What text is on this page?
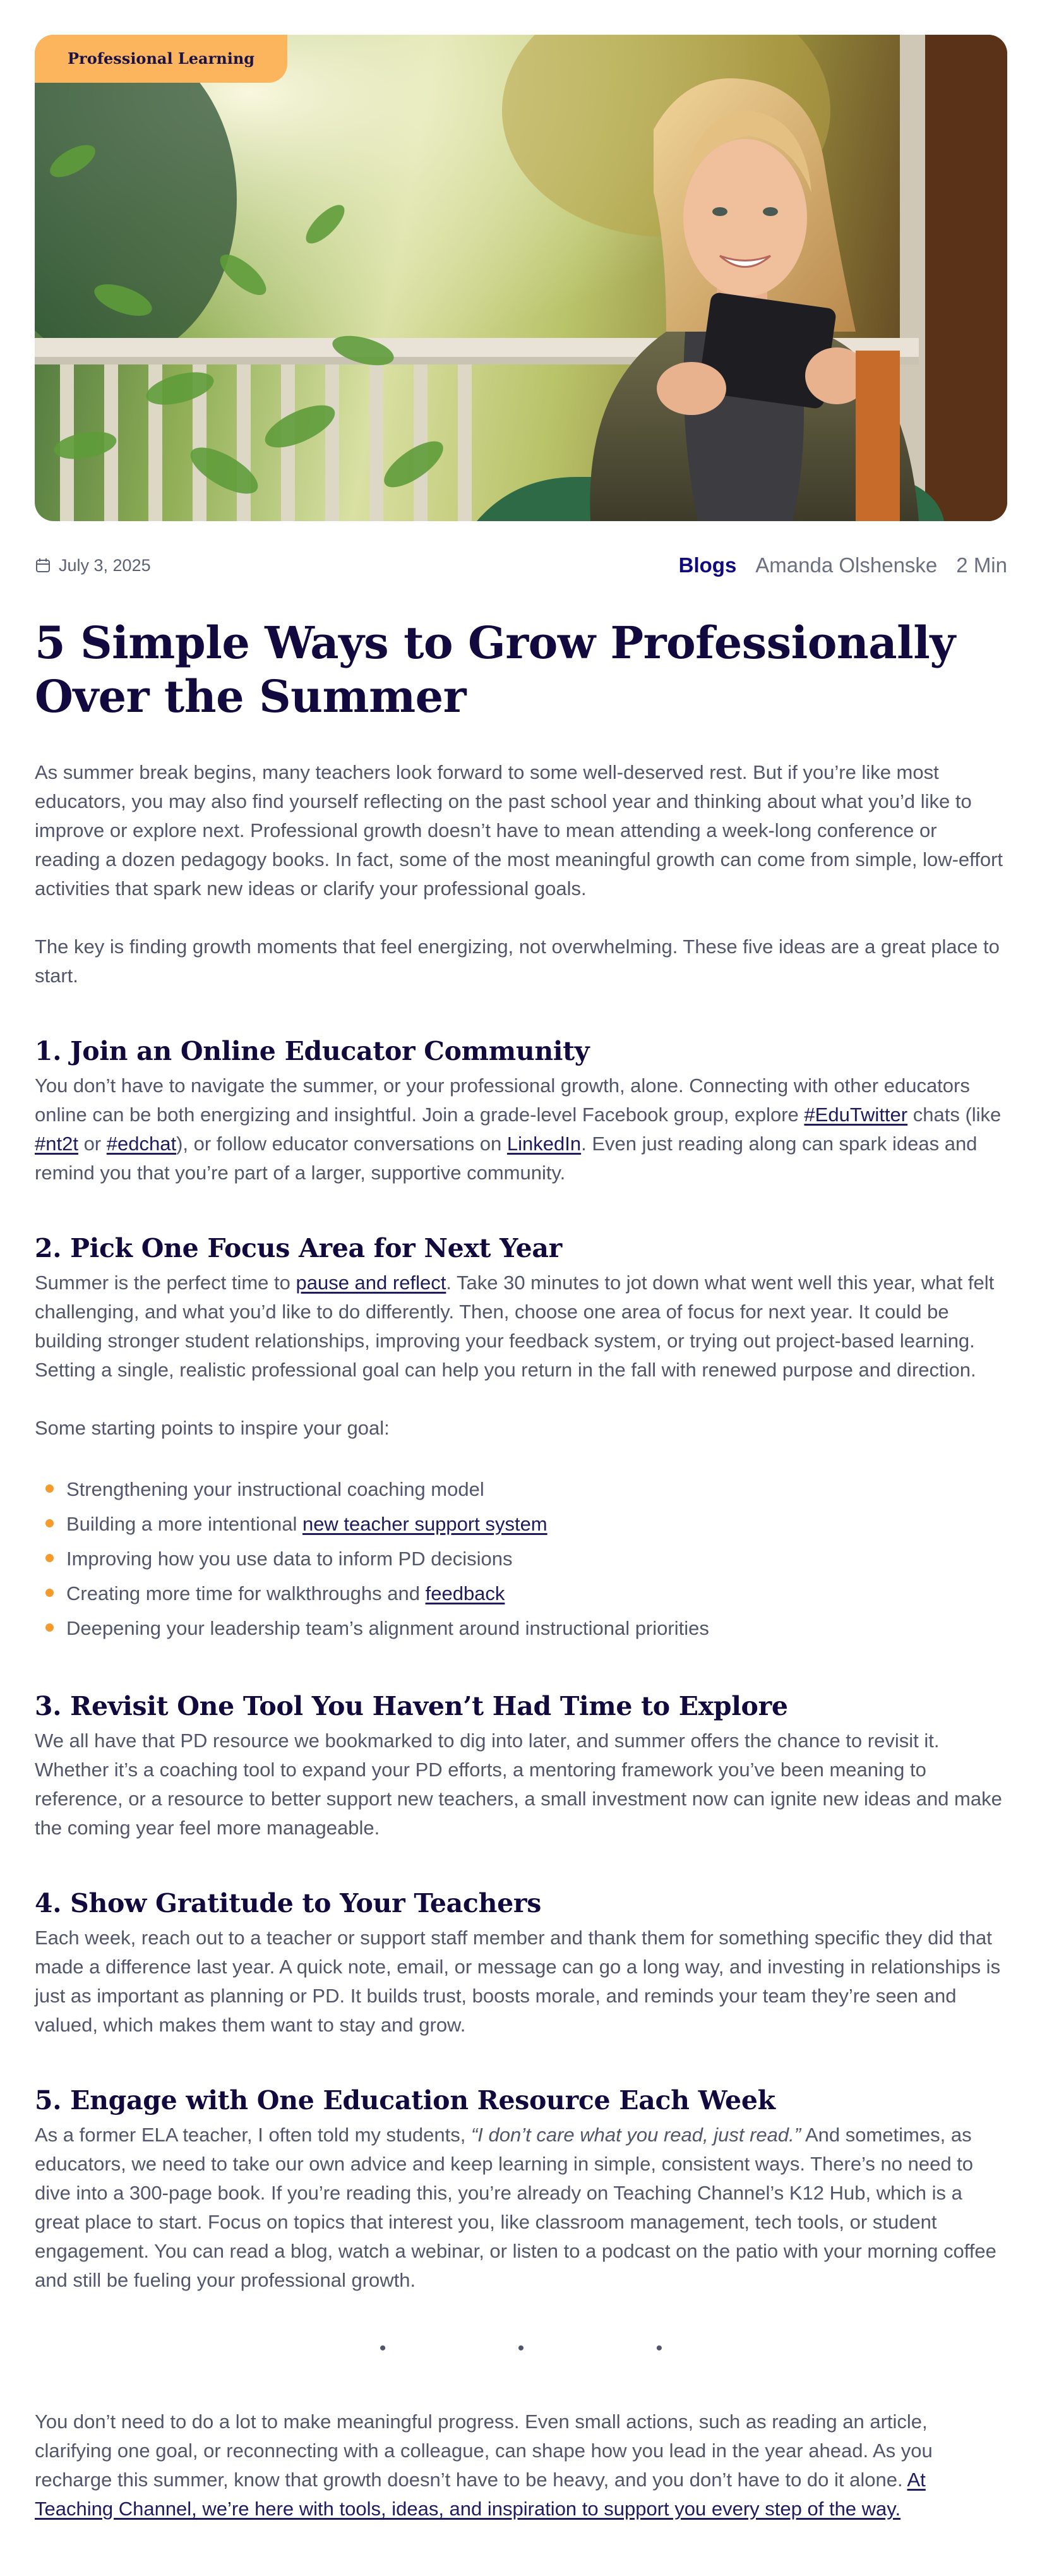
Professional Learning
July 3, 2025	Blogs Amanda Olshenske 2 Min
5 Simple Ways to Grow Professionally Over the Summer

As summer break begins, many teachers look forward to some well-deserved rest. But if you’re like most educators, you may also find yourself reflecting on the past school year and thinking about what you’d like to improve or explore next. Professional growth doesn’t have to mean attending a week-long conference or reading a dozen pedagogy books. In fact, some of the most meaningful growth can come from simple, low-effort activities that spark new ideas or clarify your professional goals.

The key is finding growth moments that feel energizing, not overwhelming. These five ideas are a great place to start.

1. Join an Online Educator Community

You don’t have to navigate the summer, or your professional growth, alone. Connecting with other educators online can be both energizing and insightful. Join a grade-level Facebook group, explore #EduTwitter chats (like #nt2t or #edchat), or follow educator conversations on LinkedIn. Even just reading along can spark ideas and remind you that you’re part of a larger, supportive community.

2. Pick One Focus Area for Next Year

Summer is the perfect time to pause and reflect. Take 30 minutes to jot down what went well this year, what felt challenging, and what you’d like to do differently. Then, choose one area of focus for next year. It could be building stronger student relationships, improving your feedback system, or trying out project-based learning. Setting a single, realistic professional goal can help you return in the fall with renewed purpose and direction.

Some starting points to inspire your goal:

Strengthening your instructional coaching model
Building a more intentional new teacher support system
Improving how you use data to inform PD decisions
Creating more time for walkthroughs and feedback
Deepening your leadership team’s alignment around instructional priorities
3. Revisit One Tool You Haven’t Had Time to Explore

We all have that PD resource we bookmarked to dig into later, and summer offers the chance to revisit it. Whether it’s a coaching tool to expand your PD efforts, a mentoring framework you’ve been meaning to reference, or a resource to better support new teachers, a small investment now can ignite new ideas and make the coming year feel more manageable.

4. Show Gratitude to Your Teachers

Each week, reach out to a teacher or support staff member and thank them for something specific they did that made a difference last year. A quick note, email, or message can go a long way, and investing in relationships is just as important as planning or PD. It builds trust, boosts morale, and reminds your team they’re seen and valued, which makes them want to stay and grow.

5. Engage with One Education Resource Each Week

As a former ELA teacher, I often told my students, “I don’t care what you read, just read.” And sometimes, as educators, we need to take our own advice and keep learning in simple, consistent ways. There’s no need to dive into a 300-page book. If you’re reading this, you’re already on Teaching Channel’s K12 Hub, which is a great place to start. Focus on topics that interest you, like classroom management, tech tools, or student engagement. You can read a blog, watch a webinar, or listen to a podcast on the patio with your morning coffee and still be fueling your professional growth.

• • •

You don’t need to do a lot to make meaningful progress. Even small actions, such as reading an article, clarifying one goal, or reconnecting with a colleague, can shape how you lead in the year ahead. As you recharge this summer, know that growth doesn’t have to be heavy, and you don’t have to do it alone. At Teaching Channel, we’re here with tools, ideas, and inspiration to support you every step of the way.
